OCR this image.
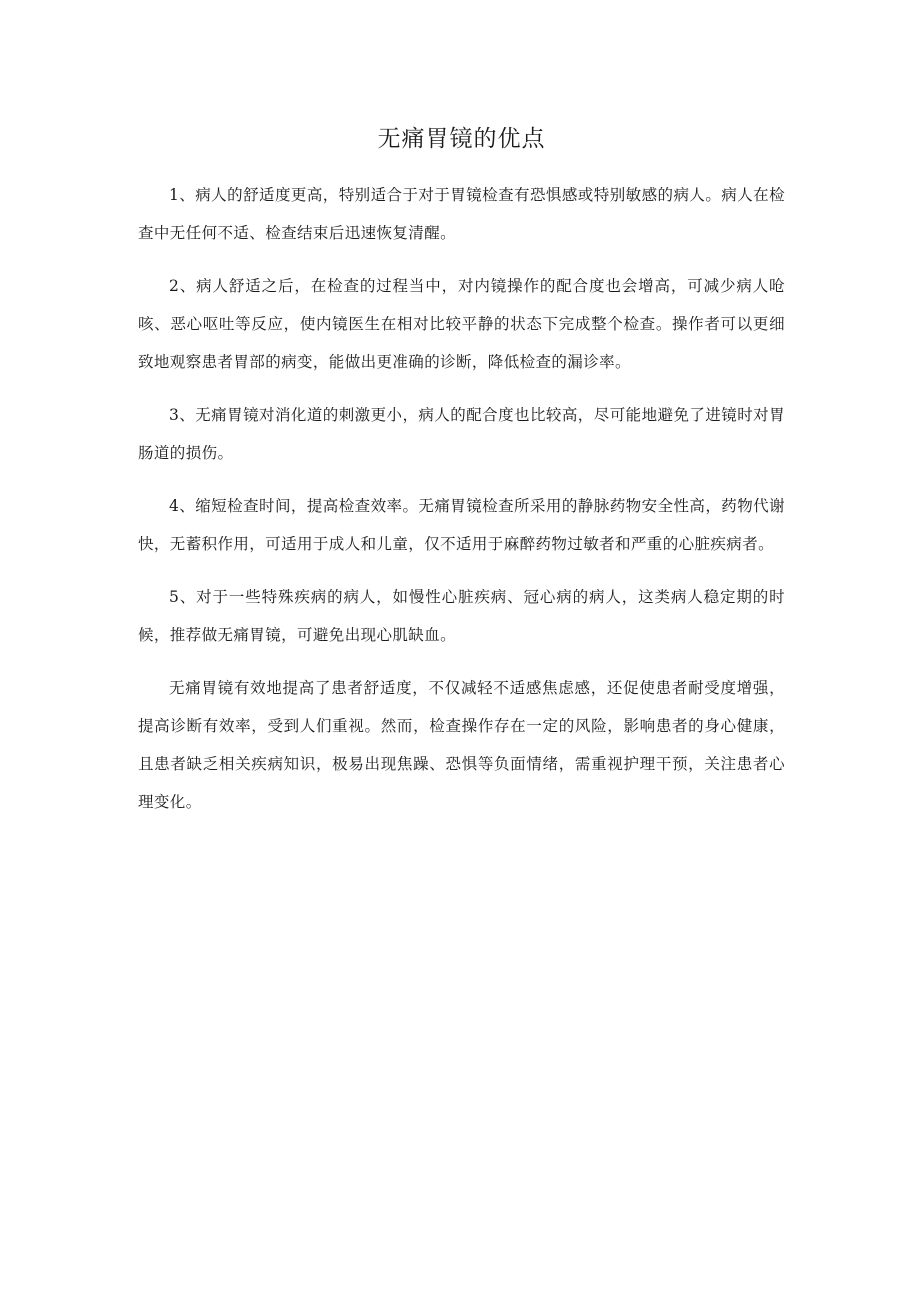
无痛胃镜的优点

1、病人的舒适度更高，特别适合于对于胃镜检查有恐惧感或特别敏感的病人。病人在检查中无任何不适、检查结束后迅速恢复清醒。

2、病人舒适之后，在检查的过程当中，对内镜操作的配合度也会增高，可减少病人呛咳、恶心呕吐等反应，使内镜医生在相对比较平静的状态下完成整个检查。操作者可以更细致地观察患者胃部的病变，能做出更准确的诊断，降低检查的漏诊率。

3、无痛胃镜对消化道的刺激更小，病人的配合度也比较高，尽可能地避免了进镜时对胃肠道的损伤。

4、缩短检查时间，提高检查效率。无痛胃镜检查所采用的静脉药物安全性高，药物代谢快，无蓄积作用，可适用于成人和儿童，仅不适用于麻醉药物过敏者和严重的心脏疾病者。

5、对于一些特殊疾病的病人，如慢性心脏疾病、冠心病的病人，这类病人稳定期的时候，推荐做无痛胃镜，可避免出现心肌缺血。

无痛胃镜有效地提高了患者舒适度，不仅减轻不适感焦虑感，还促使患者耐受度增强，提高诊断有效率，受到人们重视。然而，检查操作存在一定的风险，影响患者的身心健康，且患者缺乏相关疾病知识，极易出现焦躁、恐惧等负面情绪，需重视护理干预，关注患者心理变化。
